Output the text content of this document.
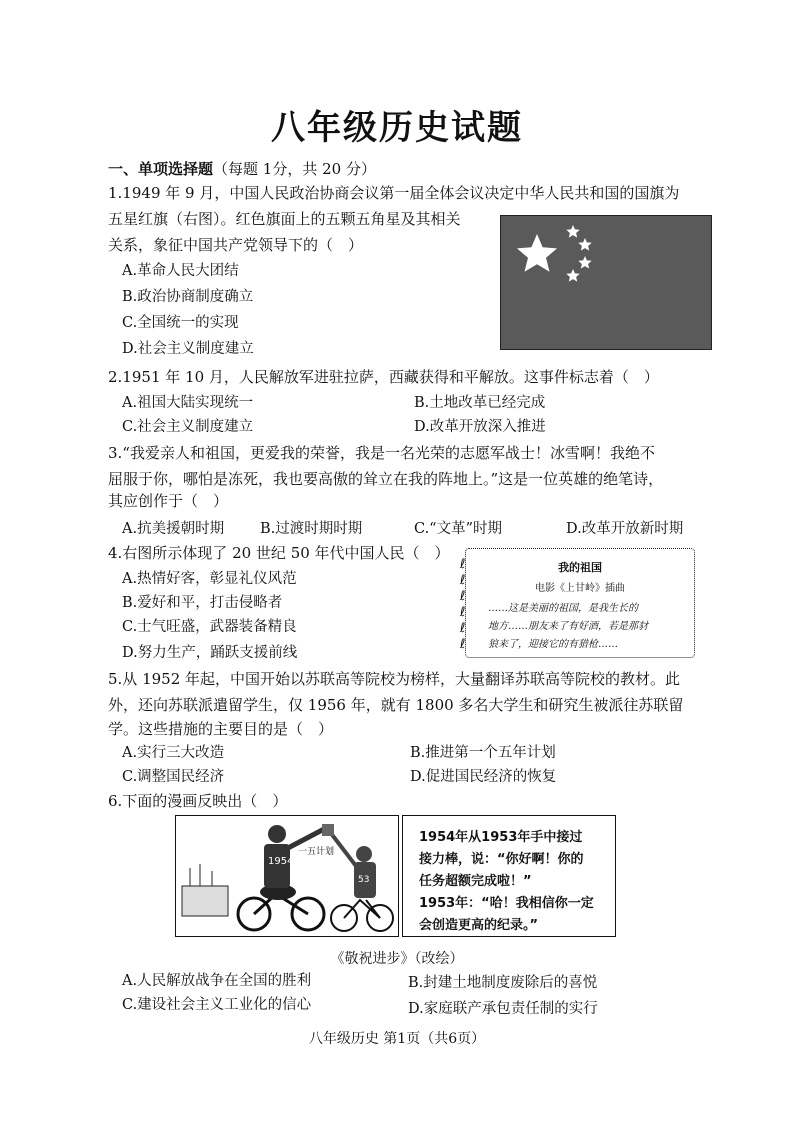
八年级历史试题
一、单项选择题（每题 1分，共 20 分）
1.1949 年 9 月，中国人民政治协商会议第一届全体会议决定中华人民共和国的国旗为
五星红旗（右图）。红色旗面上的五颗五角星及其相关
关系，象征中国共产党领导下的（　）
A.革命人民大团结
B.政治协商制度确立
C.全国统一的实现
D.社会主义制度建立
2.1951 年 10 月，人民解放军进驻拉萨，西藏获得和平解放。这事件标志着（　）
A.祖国大陆实现统一	B.土地改革已经完成
C.社会主义制度建立	D.改革开放深入推进
3.“我爱亲人和祖国，更爱我的荣誉，我是一名光荣的志愿军战士！冰雪啊！我绝不
屈服于你，哪怕是冻死，我也要高傲的耸立在我的阵地上。”这是一位英雄的绝笔诗，
其应创作于（　）
A.抗美援朝时期 B.过渡时期时期	C.“文革”时期	D.改革开放新时期
4.右图所示体现了 20 世纪 50 年代中国人民（　）
A.热情好客，彰显礼仪风范
B.爱好和平，打击侵略者
C.士气旺盛，武器装备精良
D.努力生产，踊跃支援前线
ℓ
ℓ
ℓ
ℓ
ℓ
ℓ
我的祖国
电影《上甘岭》插曲
……这是美丽的祖国，是我生长的
地方……朋友来了有好酒，若是那豺
狼来了，迎接它的有猎枪……
5.从 1952 年起，中国开始以苏联高等院校为榜样，大量翻译苏联高等院校的教材。此
外，还向苏联派遣留学生，仅 1956 年，就有 1800 多名大学生和研究生被派往苏联留
学。这些措施的主要目的是（　）
A.实行三大改造	B.推进第一个五年计划
C.调整国民经济	D.促进国民经济的恢复
6.下面的漫画反映出（　）
1954
一五计划
53
1954年从1953年手中接过
接力棒，说：“你好啊！你的
任务超额完成啦！”
1953年：“哈！我相信你一定
会创造更高的纪录。”
《敬祝进步》（改绘）
A.人民解放战争在全国的胜利	B.封建土地制度废除后的喜悦
C.建设社会主义工业化的信心	D.家庭联产承包责任制的实行
八年级历史 第1页（共6页）
